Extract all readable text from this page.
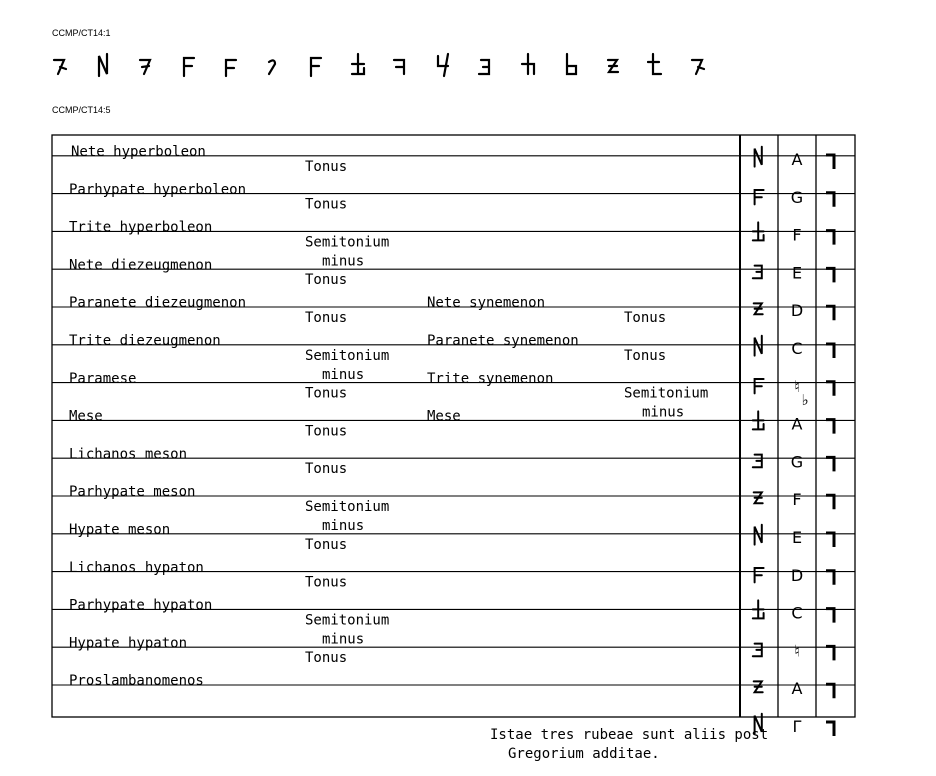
CCMP/CT14:1
CCMP/CT14:5
Nete hyperboleon
Parhypate hyperboleon
Trite hyperboleon
Nete diezeugmenon
Paranete diezeugmenon
Trite diezeugmenon
Paramese
Mese
Lichanos meson
Parhypate meson
Hypate meson
Lichanos hypaton
Parhypate hypaton
Hypate hypaton
Proslambanomenos
Tonus
Tonus
Semitonium minus
Tonus
Tonus
Semitonium minus
Tonus
Tonus
Tonus
Semitonium minus
Tonus
Tonus
Semitonium minus
Tonus
Nete synemenon
Paranete synemenon
Trite synemenon
Mese
Tonus
Tonus
Semitonium minus
A
G
F
E
D
C
♮
A
G
F
E
D
C
♮
A
Γ
♭
Istae tres rubeae sunt aliis post
Gregorium additae.
